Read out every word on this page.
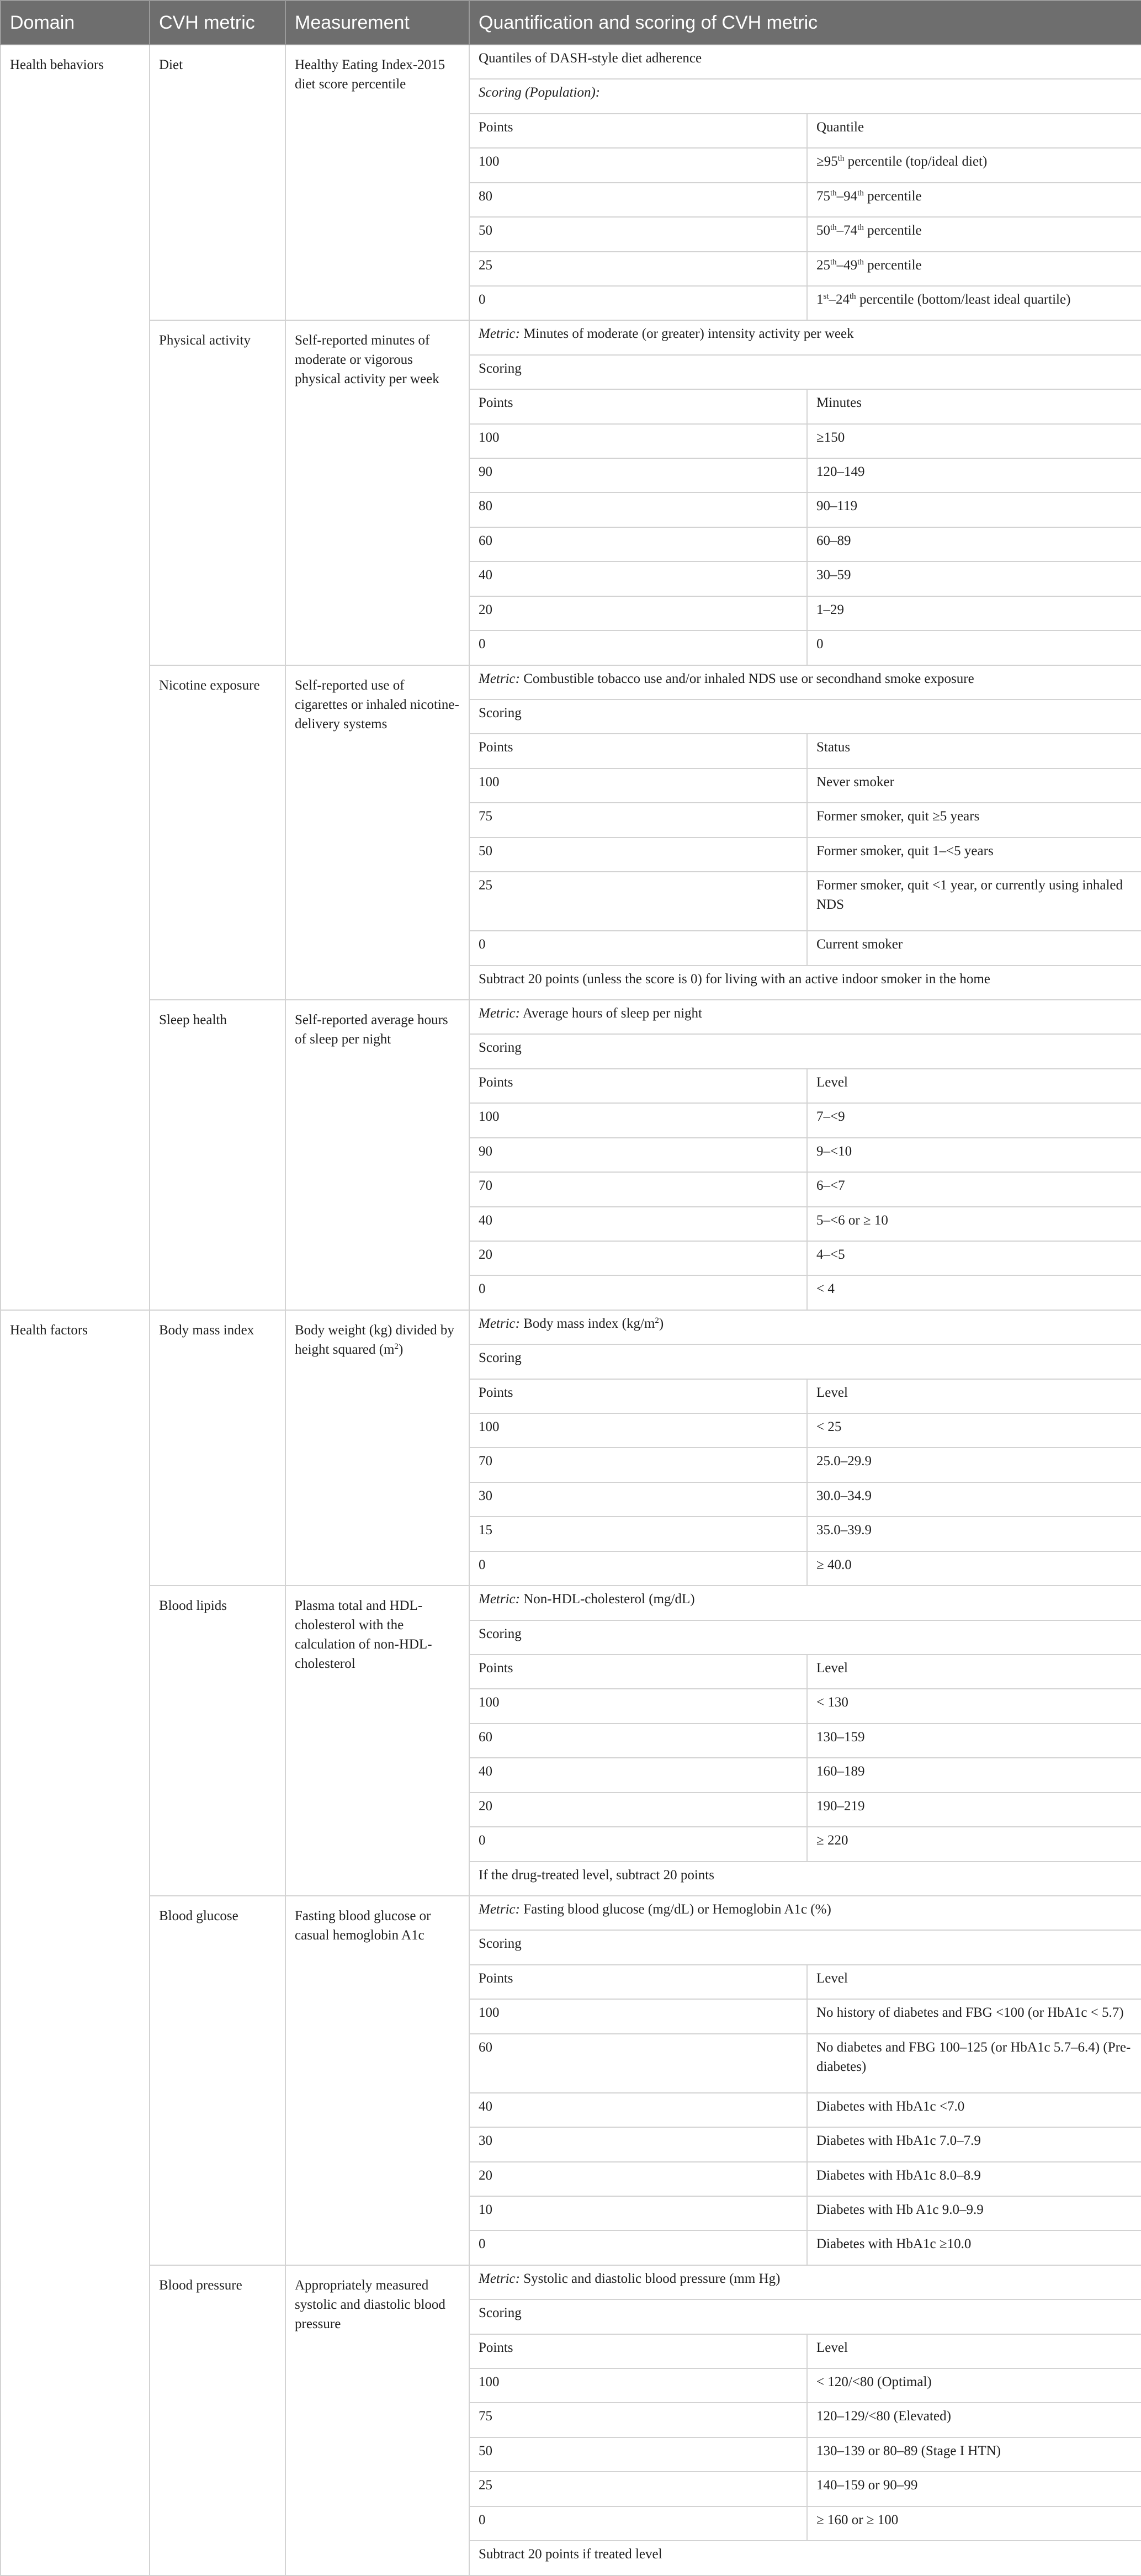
Domain	CVH metric	Measurement	Quantification and scoring of CVH metric	
Health behaviors	Diet	Healthy Eating Index-2015 diet score percentile	Quantiles of DASH-style diet adherence	
			Scoring (Population):	
			Points	Quantile
			100	≥95th percentile (top/ideal diet)
			80	75th–94th percentile
			50	50th–74th percentile
			25	25th–49th percentile
			0	1st–24th percentile (bottom/least ideal quartile)
	Physical activity	Self-reported minutes of moderate or vigorous physical activity per week	Metric: Minutes of moderate (or greater) intensity activity per week	
			Scoring	
			Points	Minutes
			100	≥150
			90	120–149
			80	90–119
			60	60–89
			40	30–59
			20	1–29
			0	0
	Nicotine exposure	Self-reported use of cigarettes or inhaled nicotine-delivery systems	Metric: Combustible tobacco use and/or inhaled NDS use or secondhand smoke exposure	
			Scoring	
			Points	Status
			100	Never smoker
			75	Former smoker, quit ≥5 years
			50	Former smoker, quit 1–<5 years
			25	Former smoker, quit <1 year, or currently using inhaled NDS
			0	Current smoker
			Subtract 20 points (unless the score is 0) for living with an active indoor smoker in the home	
	Sleep health	Self-reported average hours of sleep per night	Metric: Average hours of sleep per night	
			Scoring	
			Points	Level
			100	7–<9
			90	9–<10
			70	6–<7
			40	5–<6 or ≥ 10
			20	4–<5
			0	< 4
Health factors	Body mass index	Body weight (kg) divided by height squared $(m^2)$	Metric: Body mass index $(kg/m^2)$	
			Scoring	
			Points	Level
			100	< 25
			70	25.0–29.9
			30	30.0–34.9
			15	35.0–39.9
			0	≥ 40.0
	Blood lipids	Plasma total and HDL-cholesterol with the calculation of non-HDL-cholesterol	Metric: Non-HDL-cholesterol (mg/dL)	
			Scoring	
			Points	Level
			100	< 130
			60	130–159
			40	160–189
			20	190–219
			0	≥ 220
			If the drug-treated level, subtract 20 points	
	Blood glucose	Fasting blood glucose or casual hemoglobin A1c	Metric: Fasting blood glucose (mg/dL) or Hemoglobin A1c (%)	
			Scoring	
			Points	Level
			100	No history of diabetes and FBG <100 (or HbA1c < 5.7)
			60	No diabetes and FBG 100–125 (or HbA1c 5.7–6.4) (Pre-diabetes)
			40	Diabetes with HbA1c <7.0
			30	Diabetes with HbA1c 7.0–7.9
			20	Diabetes with HbA1c 8.0–8.9
			10	Diabetes with Hb A1c 9.0–9.9
			0	Diabetes with HbA1c ≥10.0
	Blood pressure	Appropriately measured systolic and diastolic blood pressure	Metric: Systolic and diastolic blood pressure (mm Hg)	
			Scoring	
			Points	Level
			100	< 120/<80 (Optimal)
			75	120–129/<80 (Elevated)
			50	130–139 or 80–89 (Stage I HTN)
			25	140–159 or 90–99
			0	≥ 160 or ≥ 100
			Subtract 20 points if treated level	
